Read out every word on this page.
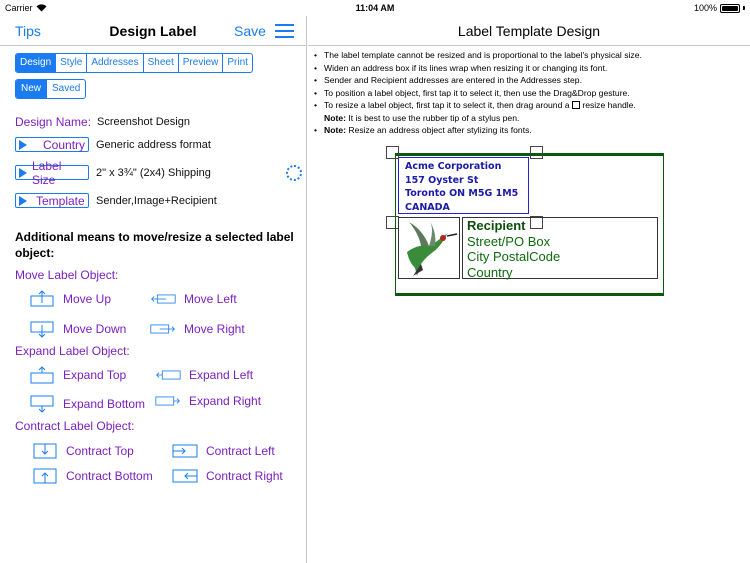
Carrier	11:04 AM	100%
Tips	Design Label	Save
Design Style Addresses Sheet Preview Print
New	Saved
Design Name: Screenshot Design
Country Generic address format
Label Size	2" x 3¾" (2x4) Shipping
Template Sender,Image+Recipient
Additional means to move/resize a selected label object:
Move Label Object:
Move Up	Move Left
Move Down	Move Right
Expand Label Object:
Expand Top	Expand Left
Expand Bottom	Expand Right
Contract Label Object:
Contract Top	Contract Left
Contract Bottom	Contract Right
Label Template Design
• The label template cannot be resized and is proportional to the label's physical size.
• Widen an address box if its lines wrap when resizing it or changing its font.
• Sender and Recipient addresses are entered in the Addresses step.
• To position a label object, first tap it to select it, then use the Drag&Drop gesture.
• To resize a label object, first tap it to select it, then drag around a resize handle.
Note: It is best to use the rubber tip of a stylus pen.
• Note: Resize an address object after stylizing its fonts.
Acme Corporation
157 Oyster St
Toronto ON M5G 1M5
CANADA
Recipient
Street/PO Box
City PostalCode
Country
